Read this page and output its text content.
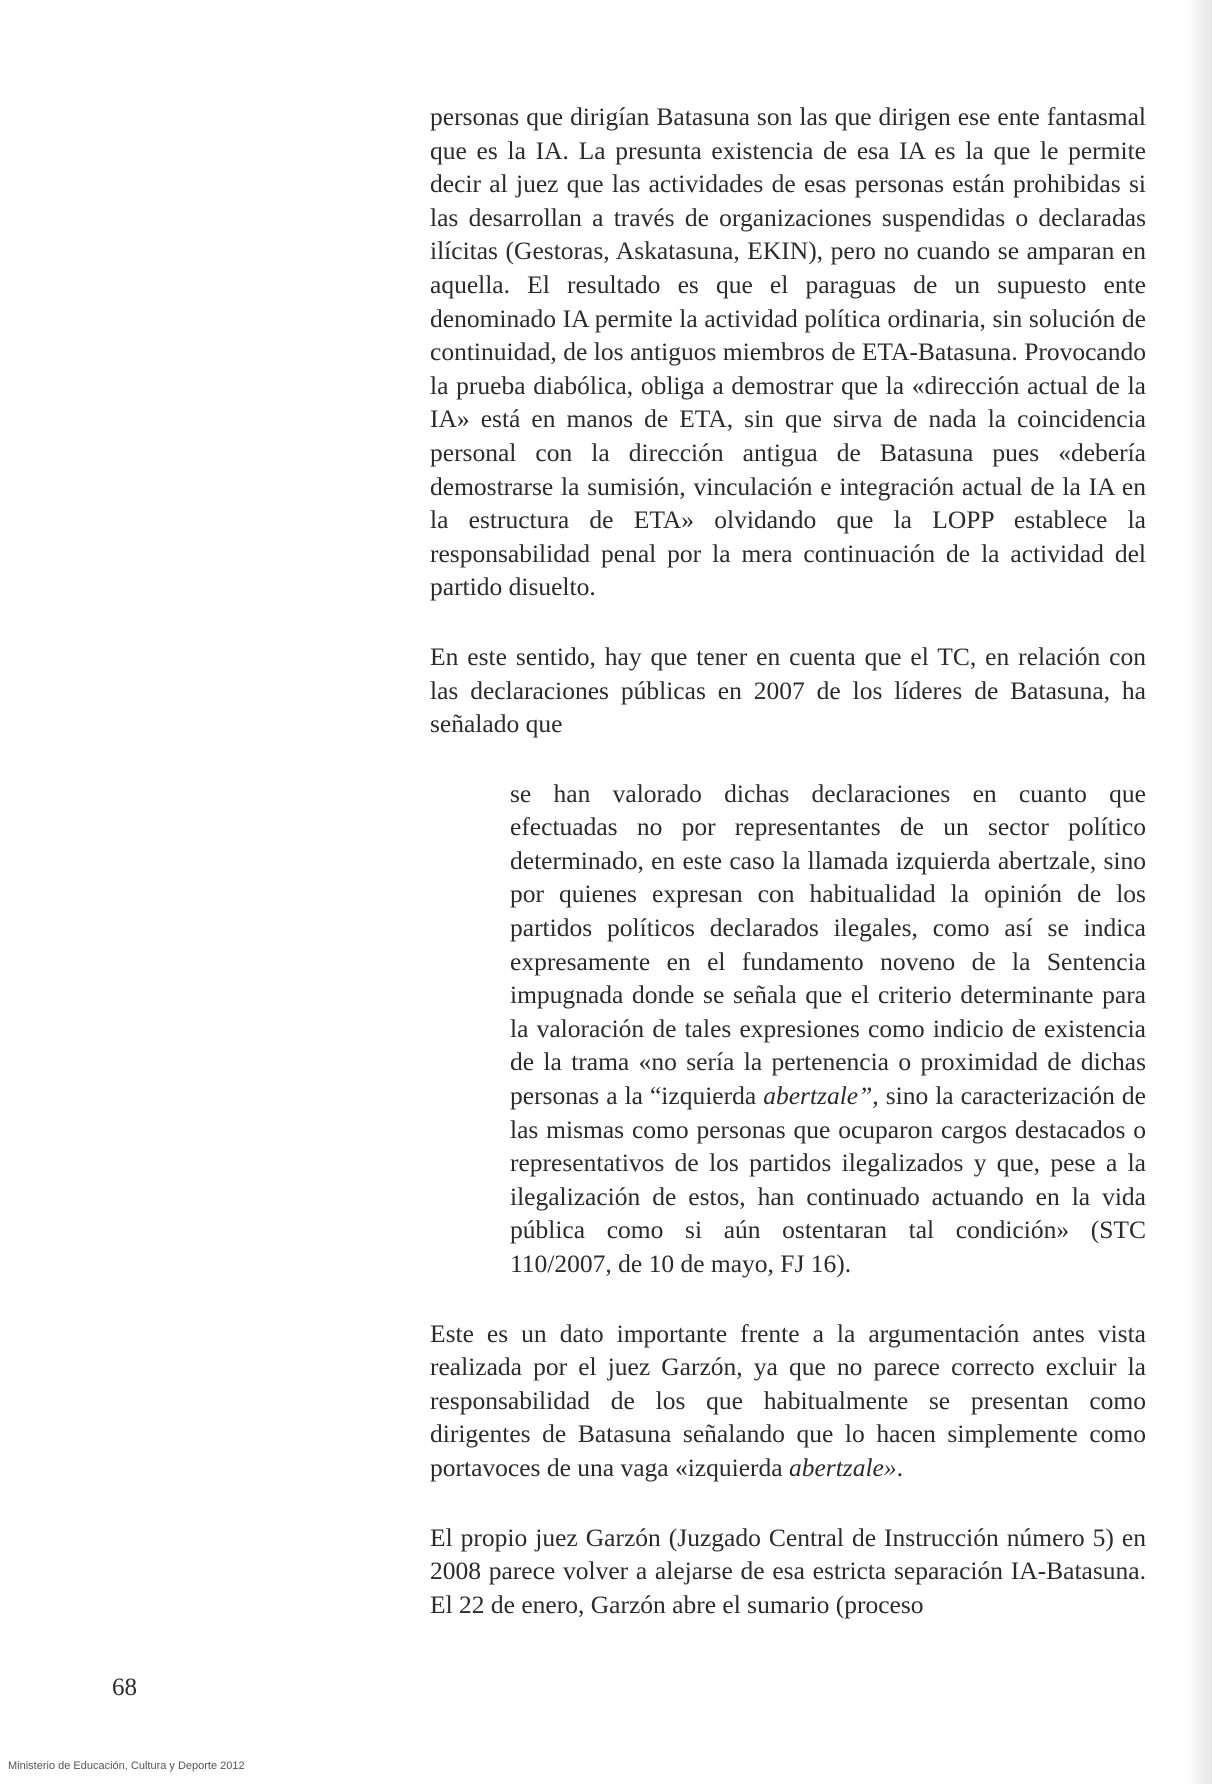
personas que dirigían Batasuna son las que dirigen ese ente fantasmal que es la IA. La presunta existencia de esa IA es la que le permite decir al juez que las actividades de esas personas están prohibidas si las desarrollan a través de organizaciones suspendidas o declaradas ilícitas (Gestoras, Askatasuna, EKIN), pero no cuando se amparan en aquella. El resultado es que el paraguas de un supuesto ente denominado IA permite la actividad política ordinaria, sin solución de continuidad, de los antiguos miembros de ETA-Batasuna. Provocando la prueba diabólica, obliga a demostrar que la «dirección actual de la IA» está en manos de ETA, sin que sirva de nada la coincidencia personal con la dirección antigua de Batasuna pues «debería demostrarse la sumisión, vinculación e integración actual de la IA en la estructura de ETA» olvidando que la LOPP establece la responsabilidad penal por la mera continuación de la actividad del partido disuelto.

En este sentido, hay que tener en cuenta que el TC, en relación con las declaraciones públicas en 2007 de los líderes de Batasuna, ha señalado que

se han valorado dichas declaraciones en cuanto que efectuadas no por representantes de un sector político determinado, en este caso la llamada izquierda abertzale, sino por quienes expresan con habitualidad la opinión de los partidos políticos declarados ilegales, como así se indica expresamente en el fundamento noveno de la Sentencia impugnada donde se señala que el criterio determinante para la valoración de tales expresiones como indicio de existencia de la trama «no sería la pertenencia o proximidad de dichas personas a la “izquierda abertzale”, sino la caracterización de las mismas como personas que ocuparon cargos destacados o representativos de los partidos ilegalizados y que, pese a la ilegalización de estos, han continuado actuando en la vida pública como si aún ostentaran tal condición» (STC 110/2007, de 10 de mayo, FJ 16).

Este es un dato importante frente a la argumentación antes vista realizada por el juez Garzón, ya que no parece correcto excluir la responsabilidad de los que habitualmente se presentan como dirigentes de Batasuna señalando que lo hacen simplemente como portavoces de una vaga «izquierda abertzale».

El propio juez Garzón (Juzgado Central de Instrucción número 5) en 2008 parece volver a alejarse de esa estricta separación IA-Batasuna. El 22 de enero, Garzón abre el sumario (proceso

68
Ministerio de Educación, Cultura y Deporte 2012
